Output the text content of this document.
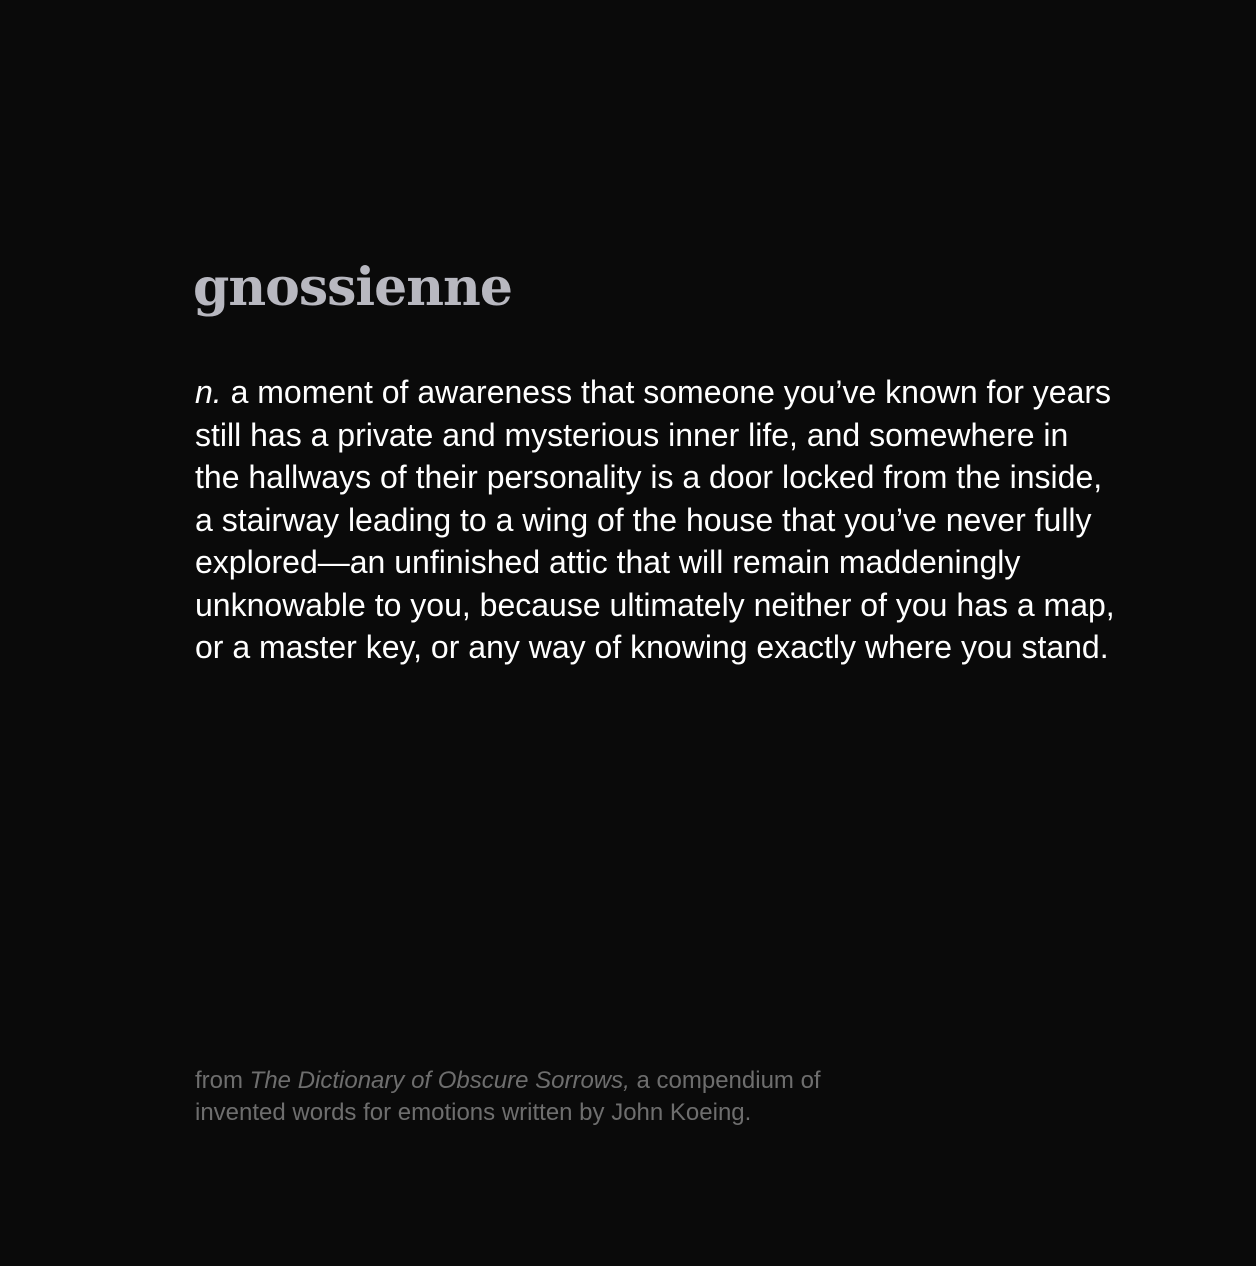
gnossienne

n. a moment of awareness that someone you’ve known for years still has a private and mysterious inner life, and somewhere in the hallways of their personality is a door locked from the inside, a stairway leading to a wing of the house that you’ve never fully explored—an unfinished attic that will remain maddeningly unknowable to you, because ultimately neither of you has a map, or a master key, or any way of knowing exactly where you stand.

from The Dictionary of Obscure Sorrows, a compendium of invented words for emotions written by John Koeing.
